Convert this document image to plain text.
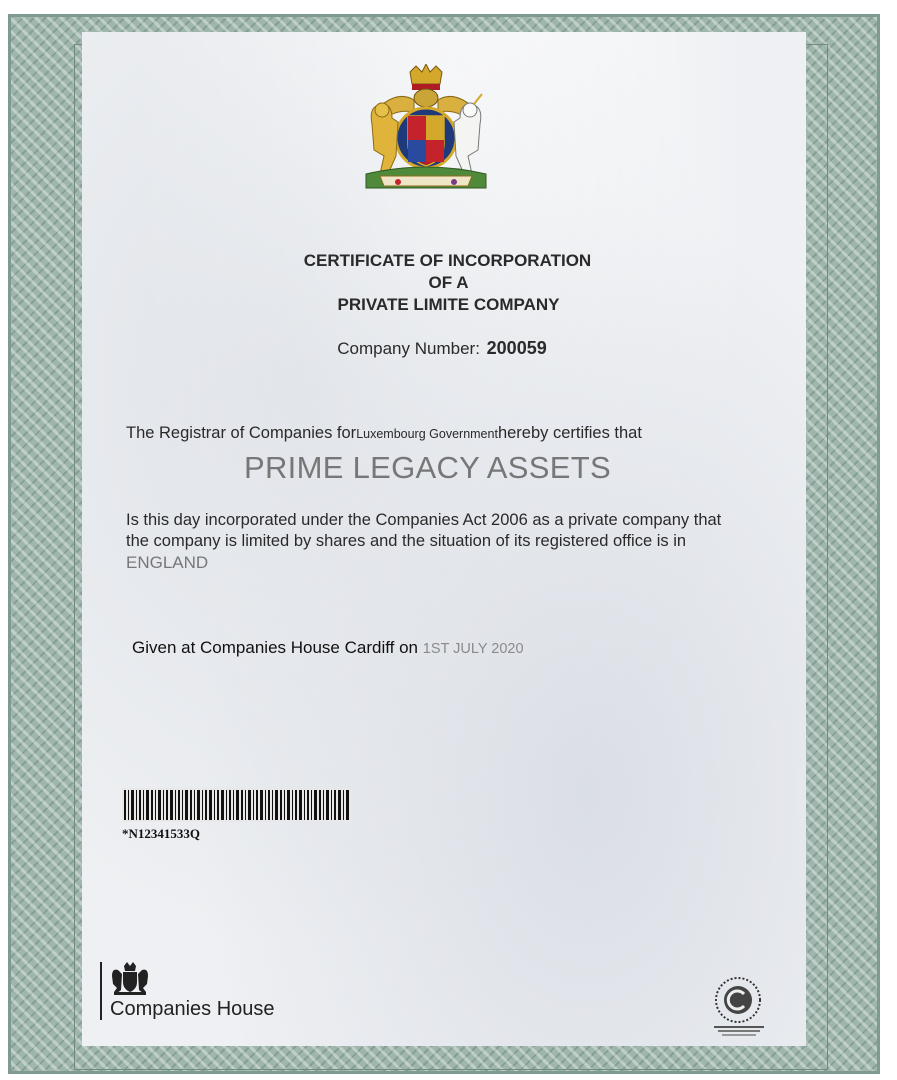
CERTIFICATE OF INCORPORATION
OF A
PRIVATE LIMITE COMPANY
Company Number: 200059
The Registrar of Companies forLuxembourg Governmenthereby certifies that
PRIME LEGACY ASSETS
Is this day incorporated under the Companies Act 2006 as a private company that the company is limited by shares and the situation of its registered office is in ENGLAND
Given at Companies House Cardiff on 1ST JULY 2020
*N12341533Q
Companies House
